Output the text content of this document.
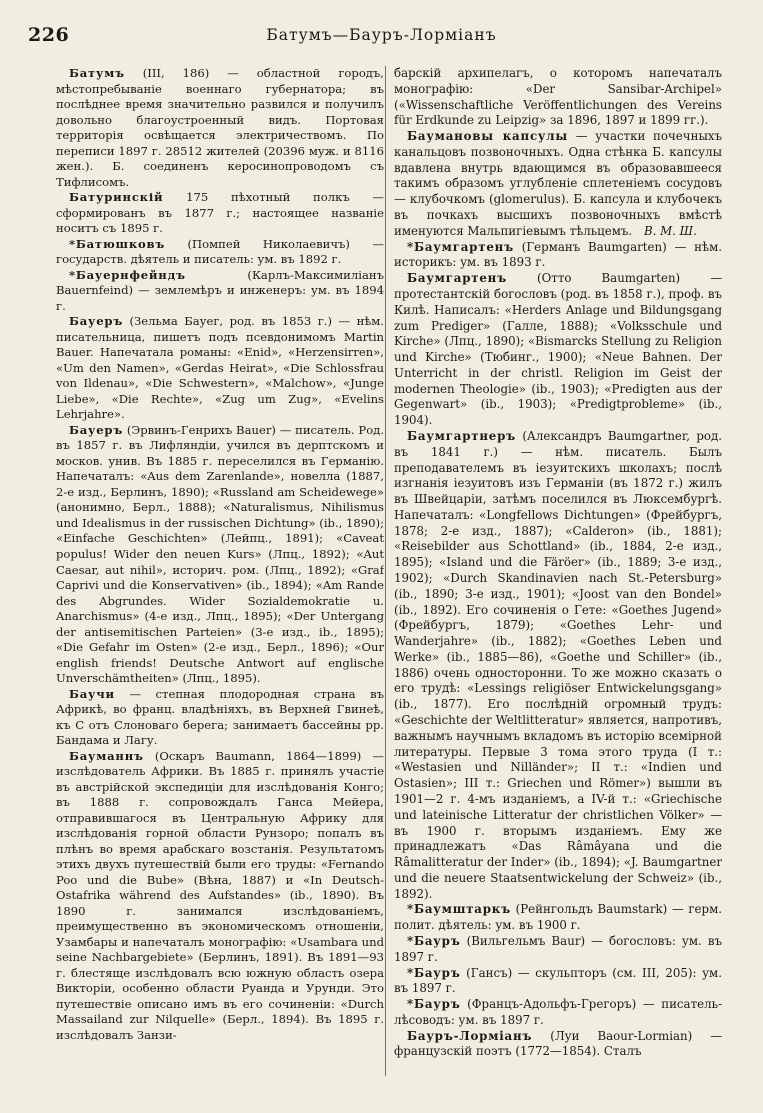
226	Батумъ—Бауръ-Лормiанъ

Батумъ (III, 186) — областной городъ, мѣстопребываніе военнаго губернатора; въ послѣднее время значительно развился и получилъ довольно благоустроенный видъ. Портовая территорія освѣщается электричествомъ. По переписи 1897 г. 28512 жителей (20396 муж. и 8116 жен.). Б. соединенъ керосинопроводомъ съ Тифлисомъ.

Батуринскій 175 пѣхотный полкъ — сформированъ въ 1877 г.; настоящее названіе носитъ съ 1895 г.

*Батюшковъ (Помпей Николаевичъ) — государств. дѣятель и писатель: ум. въ 1892 г.

*Бауернфейндъ (Карлъ-Максимиліанъ Bauernfeind) — землемѣръ и инженеръ: ум. въ 1894 г.

Бауеръ (Зельма Бауег, род. въ 1853 г.) — нѣм. писательница, пишетъ подъ псевдонимомъ Martin Bauer. Напечатала романы: «Enid», «Herzensirren», «Um den Namen», «Gerdas Heirat», «Die Schlossfrau von Ildenau», «Die Schwestern», «Malchow», «Junge Liebe», «Die Rechte», «Zug um Zug», «Evelins Lehrjahre».

Бауеръ (Эрвинъ-Генрихъ Bauer) — писатель. Род. въ 1857 г. въ Лифляндіи, учился въ дерптскомъ и москов. унив. Въ 1885 г. переселился въ Германію. Напечаталъ: «Aus dem Zarenlande», новелла (1887, 2-е изд., Берлинъ, 1890); «Russland am Scheidewege» (анонимно, Берл., 1888); «Naturalismus, Nihilismus und Idealismus in der russischen Dichtung» (ib., 1890); «Einfache Geschichten» (Лейпц., 1891); «Caveat populus! Wider den neuen Kurs» (Лпц., 1892); «Aut Caesar, aut nihil», историч. ром. (Лпц., 1892); «Graf Caprivi und die Konservativen» (ib., 1894); «Am Rande des Abgrundes. Wider Sozialdemokratie u. Anarchismus» (4-е изд., Лпц., 1895); «Der Untergang der antisemitischen Parteien» (3-е изд., ib., 1895); «Die Gefahr im Osten» (2-е изд., Берл., 1896); «Our english friends! Deutsche Antwort auf englische Unverschämtheiten» (Лпц., 1895).

Баучи — степная плодородная страна въ Африкѣ, во франц. владѣніяхъ, въ Верхней Гвинеѣ, къ С отъ Слоноваго берега; занимаетъ бассейны рр. Бандама и Лагу.

Бауманнъ (Оскаръ Baumann, 1864—1899) — изслѣдователь Африки. Въ 1885 г. принялъ участіе въ австрійской экспедиціи для изслѣдованія Конго; въ 1888 г. сопровождалъ Ганса Мейера, отправившагося въ Центральную Африку для изслѣдованія горной области Рунзоро; попалъ въ плѣнъ во время арабскаго возстанія. Результатомъ этихъ двухъ путешествій были его труды: «Fernando Poo und die Bube» (Вѣна, 1887) и «In Deutsch-Ostafrika während des Aufstandes» (ib., 1890). Въ 1890 г. занимался изслѣдованіемъ, преимущественно въ экономическомъ отношеніи, Узамбары и напечаталъ монографію: «Usambara und seine Nachbargebiete» (Берлинъ, 1891). Въ 1891—93 г. блестяще изслѣдовалъ всю южную область озера Викторіи, особенно области Руанда и Урунди. Это путешествіе описано имъ въ его сочиненіи: «Durch Massailand zur Nilquelle» (Берл., 1894). Въ 1895 г. изслѣдовалъ Занзи-

барскій архипелагъ, о которомъ напечаталъ монографію: «Der Sansibar-Archipel» («Wissenschaftliche Veröffentlichungen des Vereins für Erdkunde zu Leipzig» за 1896, 1897 и 1899 гг.).

Баумановы капсулы — участки почечныхъ канальцовъ позвоночныхъ. Одна стѣнка Б. капсулы вдавлена внутрь вдающимся въ образовавшееся такимъ образомъ углубленіе сплетеніемъ сосудовъ — клубочкомъ (glomerulus). Б. капсула и клубочекъ въ почкахъ высшихъ позвоночныхъ вмѣстѣ именуются Мальпигіевымъ тѣльцемъ.  В. М. Ш.

*Баумгартенъ (Германъ Baumgarten) — нѣм. историкъ: ум. въ 1893 г.

Баумгартенъ (Отто Baumgarten) — протестантскій богословъ (род. въ 1858 г.), проф. въ Килѣ. Написалъ: «Herders Anlage und Bildungsgang zum Prediger» (Галле, 1888); «Volksschule und Kirche» (Лпц., 1890); «Bismarcks Stellung zu Religion und Kirche» (Тюбинг., 1900); «Neue Bahnen. Der Unterricht in der christl. Religion im Geist der modernen Theologie» (ib., 1903); «Predigten aus der Gegenwart» (ib., 1903); «Predigtprobleme» (ib., 1904).

Баумгартнеръ (Александръ Baumgartner, род. въ 1841 г.) — нѣм. писатель. Былъ преподавателемъ въ іезуитскихъ школахъ; послѣ изгнанія іезуитовъ изъ Германіи (въ 1872 г.) жилъ въ Швейцаріи, затѣмъ поселился въ Люксембургѣ. Напечаталъ: «Longfellows Dichtungen» (Фрейбургъ, 1878; 2-е изд., 1887); «Calderon» (ib., 1881); «Reisebilder aus Schottland» (ib., 1884, 2-е изд., 1895); «Island und die Färöer» (ib., 1889; 3-е изд., 1902); «Durch Skandinavien nach St.-Petersburg» (ib., 1890; 3-е изд., 1901); «Joost van den Bondel» (ib., 1892). Его сочиненія о Гете: «Goethes Jugend» (Фрейбургъ, 1879); «Goethes Lehr- und Wanderjahre» (ib., 1882); «Goethes Leben und Werke» (ib., 1885—86), «Goethe und Schiller» (ib., 1886) очень односторонни. То же можно сказать о его трудѣ: «Lessings religiöser Entwickelungsgang» (ib., 1877). Его послѣдній огромный трудъ: «Geschichte der Weltlitteratur» является, напротивъ, важнымъ научнымъ вкладомъ въ исторію всемірной литературы. Первые 3 тома этого труда (I т.: «Westasien und Nilländer»; II т.: «Indien und Ostasien»; III т.: Griechen und Römer») вышли въ 1901—2 г. 4-мъ изданіемъ, а IV-й т.: «Griechische und lateinische Litteratur der christlichen Völker» — въ 1900 г. вторымъ изданіемъ. Ему же принадлежатъ «Das Râmâyana und die Râmalitteratur der Inder» (ib., 1894); «J. Baumgartner und die neuere Staatsentwickelung der Schweiz» (ib., 1892).

*Баумштаркъ (Рейнгольдъ Baumstark) — герм. полит. дѣятель: ум. въ 1900 г.

*Бауръ (Вильгельмъ Baur) — богословъ: ум. въ 1897 г.

*Бауръ (Гансъ) — скульпторъ (см. III, 205): ум. въ 1897 г.

*Бауръ (Францъ-Адольфъ-Грегоръ) — писатель-лѣсоводъ: ум. въ 1897 г.

Бауръ-Лормiанъ (Луи Baour-Lormian) — французскій поэтъ (1772—1854). Сталъ
